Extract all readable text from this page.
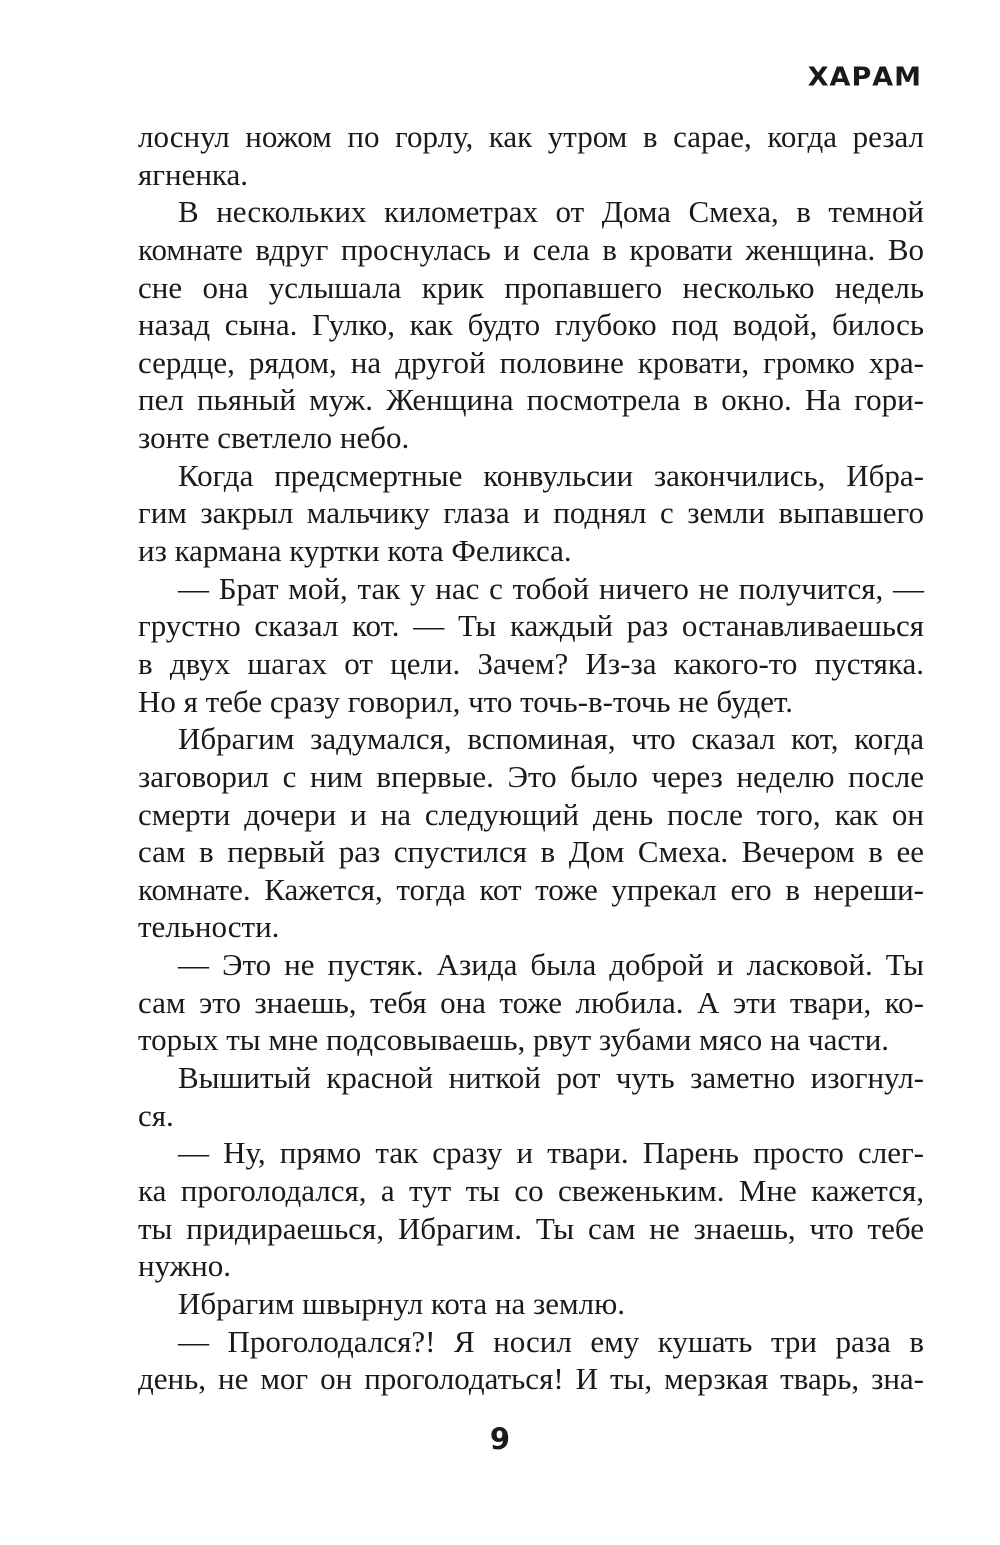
ХАРАМ
лоснул ножом по горлу, как утром в сарае, когда резал
ягненка.
В нескольких километрах от Дома Смеха, в темной
комнате вдруг проснулась и села в кровати женщина. Во
сне она услышала крик пропавшего несколько недель
назад сына. Гулко, как будто глубоко под водой, билось
сердце, рядом, на другой половине кровати, громко хра-
пел пьяный муж. Женщина посмотрела в окно. На гори-
зонте светлело небо.
Когда предсмертные конвульсии закончились, Ибра-
гим закрыл мальчику глаза и поднял с земли выпавшего
из кармана куртки кота Феликса.
— Брат мой, так у нас с тобой ничего не получится, —
грустно сказал кот. — Ты каждый раз останавливаешься
в двух шагах от цели. Зачем? Из-за какого-то пустяка.
Но я тебе сразу говорил, что точь-в-точь не будет.
Ибрагим задумался, вспоминая, что сказал кот, когда
заговорил с ним впервые. Это было через неделю после
смерти дочери и на следующий день после того, как он
сам в первый раз спустился в Дом Смеха. Вечером в ее
комнате. Кажется, тогда кот тоже упрекал его в нереши-
тельности.
— Это не пустяк. Азида была доброй и ласковой. Ты
сам это знаешь, тебя она тоже любила. А эти твари, ко-
торых ты мне подсовываешь, рвут зубами мясо на части.
Вышитый красной ниткой рот чуть заметно изогнул-
ся.
— Ну, прямо так сразу и твари. Парень просто слег-
ка проголодался, а тут ты со свеженьким. Мне кажется,
ты придираешься, Ибрагим. Ты сам не знаешь, что тебе
нужно.
Ибрагим швырнул кота на землю.
— Проголодался?! Я носил ему кушать три раза в
день, не мог он проголодаться! И ты, мерзкая тварь, зна-
9
